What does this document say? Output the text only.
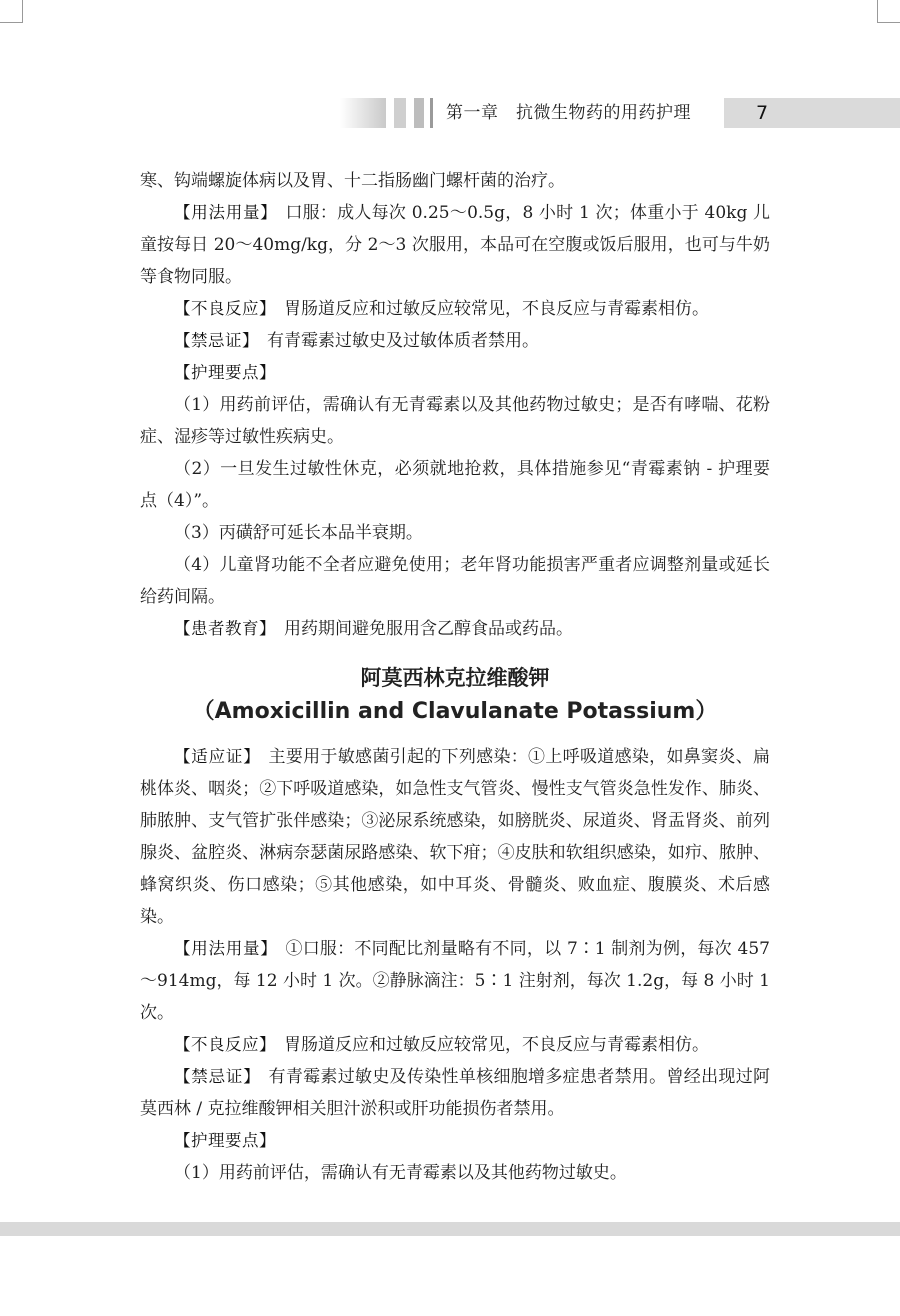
第一章　抗微生物药的用药护理	7

寒、钩端螺旋体病以及胃、十二指肠幽门螺杆菌的治疗。

【用法用量】 口服：成人每次 0.25～0.5g，8 小时 1 次；体重小于 40kg 儿童按每日 20～40mg/kg，分 2～3 次服用，本品可在空腹或饭后服用，也可与牛奶等食物同服。

【不良反应】 胃肠道反应和过敏反应较常见，不良反应与青霉素相仿。

【禁忌证】 有青霉素过敏史及过敏体质者禁用。

【护理要点】

（1）用药前评估，需确认有无青霉素以及其他药物过敏史；是否有哮喘、花粉症、湿疹等过敏性疾病史。

（2）一旦发生过敏性休克，必须就地抢救，具体措施参见“青霉素钠 - 护理要点（4）”。

（3）丙磺舒可延长本品半衰期。

（4）儿童肾功能不全者应避免使用；老年肾功能损害严重者应调整剂量或延长给药间隔。

【患者教育】 用药期间避免服用含乙醇食品或药品。

阿莫西林克拉维酸钾
（Amoxicillin and Clavulanate Potassium）

【适应证】 主要用于敏感菌引起的下列感染：①上呼吸道感染，如鼻窦炎、扁桃体炎、咽炎；②下呼吸道感染，如急性支气管炎、慢性支气管炎急性发作、肺炎、肺脓肿、支气管扩张伴感染；③泌尿系统感染，如膀胱炎、尿道炎、肾盂肾炎、前列腺炎、盆腔炎、淋病奈瑟菌尿路感染、软下疳；④皮肤和软组织感染，如疖、脓肿、蜂窝织炎、伤口感染；⑤其他感染，如中耳炎、骨髓炎、败血症、腹膜炎、术后感染。

【用法用量】 ①口服：不同配比剂量略有不同，以 7∶1 制剂为例，每次 457～914mg，每 12 小时 1 次。②静脉滴注：5∶1 注射剂，每次 1.2g，每 8 小时 1 次。

【不良反应】 胃肠道反应和过敏反应较常见，不良反应与青霉素相仿。

【禁忌证】 有青霉素过敏史及传染性单核细胞增多症患者禁用。曾经出现过阿莫西林 / 克拉维酸钾相关胆汁淤积或肝功能损伤者禁用。

【护理要点】

（1）用药前评估，需确认有无青霉素以及其他药物过敏史。
